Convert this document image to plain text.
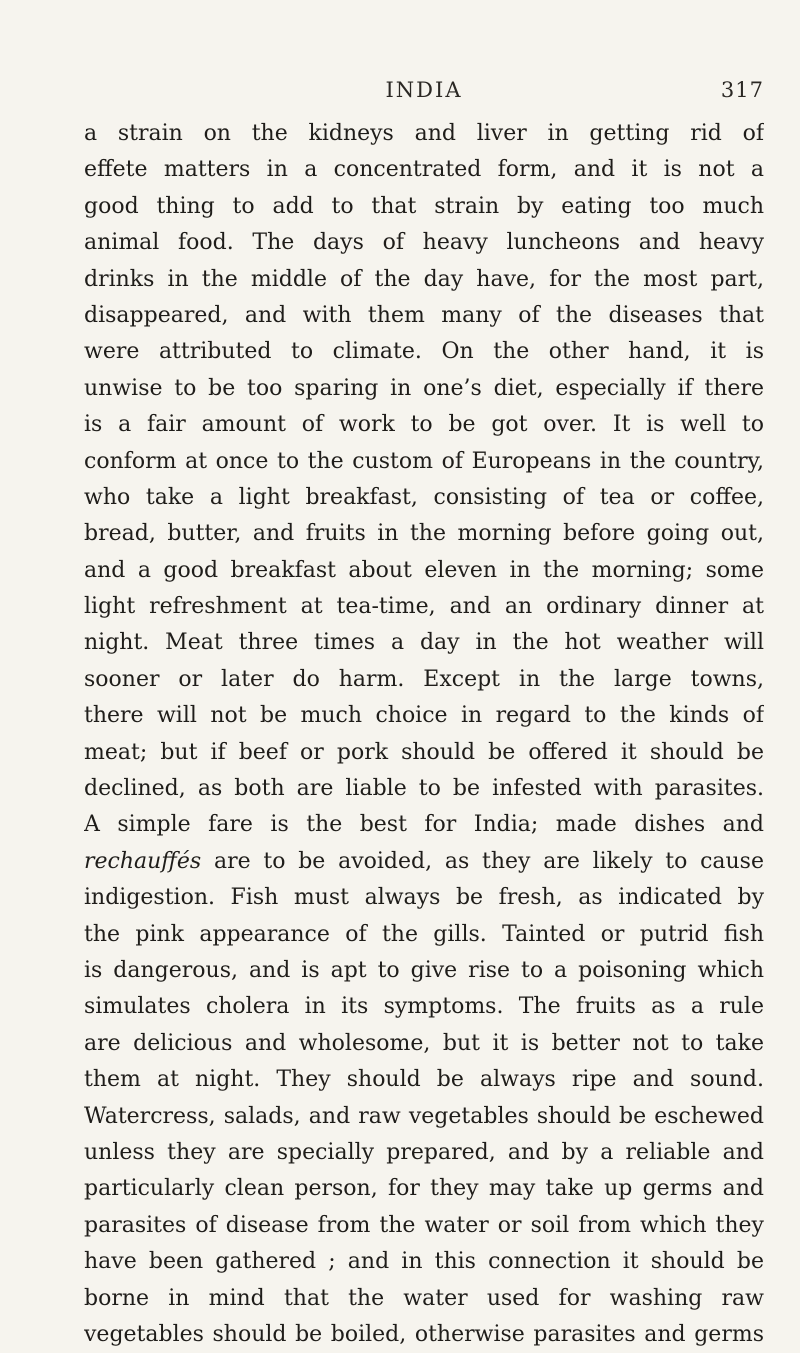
INDIA	317
a strain on the kidneys and liver in getting rid of
effete matters in a concentrated form, and it is not a
good thing to add to that strain by eating too much
animal food. The days of heavy luncheons and heavy
drinks in the middle of the day have, for the most part,
disappeared, and with them many of the diseases that
were attributed to climate. On the other hand, it is
unwise to be too sparing in one’s diet, especially if there
is a fair amount of work to be got over. It is well to
conform at once to the custom of Europeans in the country,
who take a light breakfast, consisting of tea or coffee,
bread, butter, and fruits in the morning before going out,
and a good breakfast about eleven in the morning; some
light refreshment at tea-time, and an ordinary dinner at
night. Meat three times a day in the hot weather will
sooner or later do harm. Except in the large towns,
there will not be much choice in regard to the kinds of
meat; but if beef or pork should be offered it should be
declined, as both are liable to be infested with parasites.
A simple fare is the best for India; made dishes and
rechauffés are to be avoided, as they are likely to cause
indigestion. Fish must always be fresh, as indicated by
the pink appearance of the gills. Tainted or putrid fish
is dangerous, and is apt to give rise to a poisoning which
simulates cholera in its symptoms. The fruits as a rule
are delicious and wholesome, but it is better not to take
them at night. They should be always ripe and sound.
Watercress, salads, and raw vegetables should be eschewed
unless they are specially prepared, and by a reliable and
particularly clean person, for they may take up germs and
parasites of disease from the water or soil from which they
have been gathered ; and in this connection it should be
borne in mind that the water used for washing raw
vegetables should be boiled, otherwise parasites and germs
